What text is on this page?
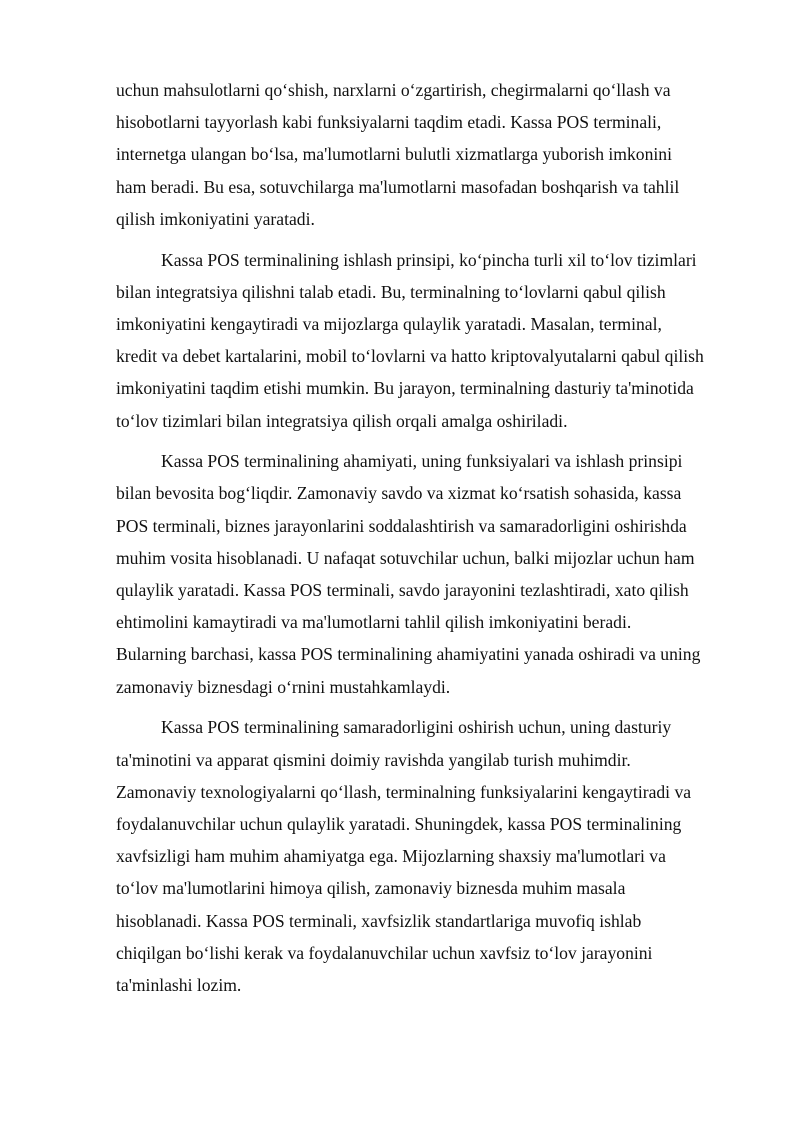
uchun mahsulotlarni qo‘shish, narxlarni o‘zgartirish, chegirmalarni qo‘llash va
hisobotlarni tayyorlash kabi funksiyalarni taqdim etadi. Kassa POS terminali,
internetga ulangan bo‘lsa, ma'lumotlarni bulutli xizmatlarga yuborish imkonini
ham beradi. Bu esa, sotuvchilarga ma'lumotlarni masofadan boshqarish va tahlil
qilish imkoniyatini yaratadi.

Kassa POS terminalining ishlash prinsipi, ko‘pincha turli xil to‘lov tizimlari
bilan integratsiya qilishni talab etadi. Bu, terminalning to‘lovlarni qabul qilish
imkoniyatini kengaytiradi va mijozlarga qulaylik yaratadi. Masalan, terminal,
kredit va debet kartalarini, mobil to‘lovlarni va hatto kriptovalyutalarni qabul qilish
imkoniyatini taqdim etishi mumkin. Bu jarayon, terminalning dasturiy ta'minotida
to‘lov tizimlari bilan integratsiya qilish orqali amalga oshiriladi.

Kassa POS terminalining ahamiyati, uning funksiyalari va ishlash prinsipi
bilan bevosita bog‘liqdir. Zamonaviy savdo va xizmat ko‘rsatish sohasida, kassa
POS terminali, biznes jarayonlarini soddalashtirish va samaradorligini oshirishda
muhim vosita hisoblanadi. U nafaqat sotuvchilar uchun, balki mijozlar uchun ham
qulaylik yaratadi. Kassa POS terminali, savdo jarayonini tezlashtiradi, xato qilish
ehtimolini kamaytiradi va ma'lumotlarni tahlil qilish imkoniyatini beradi.
Bularning barchasi, kassa POS terminalining ahamiyatini yanada oshiradi va uning
zamonaviy biznesdagi o‘rnini mustahkamlaydi.

Kassa POS terminalining samaradorligini oshirish uchun, uning dasturiy
ta'minotini va apparat qismini doimiy ravishda yangilab turish muhimdir.
Zamonaviy texnologiyalarni qo‘llash, terminalning funksiyalarini kengaytiradi va
foydalanuvchilar uchun qulaylik yaratadi. Shuningdek, kassa POS terminalining
xavfsizligi ham muhim ahamiyatga ega. Mijozlarning shaxsiy ma'lumotlari va
to‘lov ma'lumotlarini himoya qilish, zamonaviy biznesda muhim masala
hisoblanadi. Kassa POS terminali, xavfsizlik standartlariga muvofiq ishlab
chiqilgan bo‘lishi kerak va foydalanuvchilar uchun xavfsiz to‘lov jarayonini
ta'minlashi lozim.
